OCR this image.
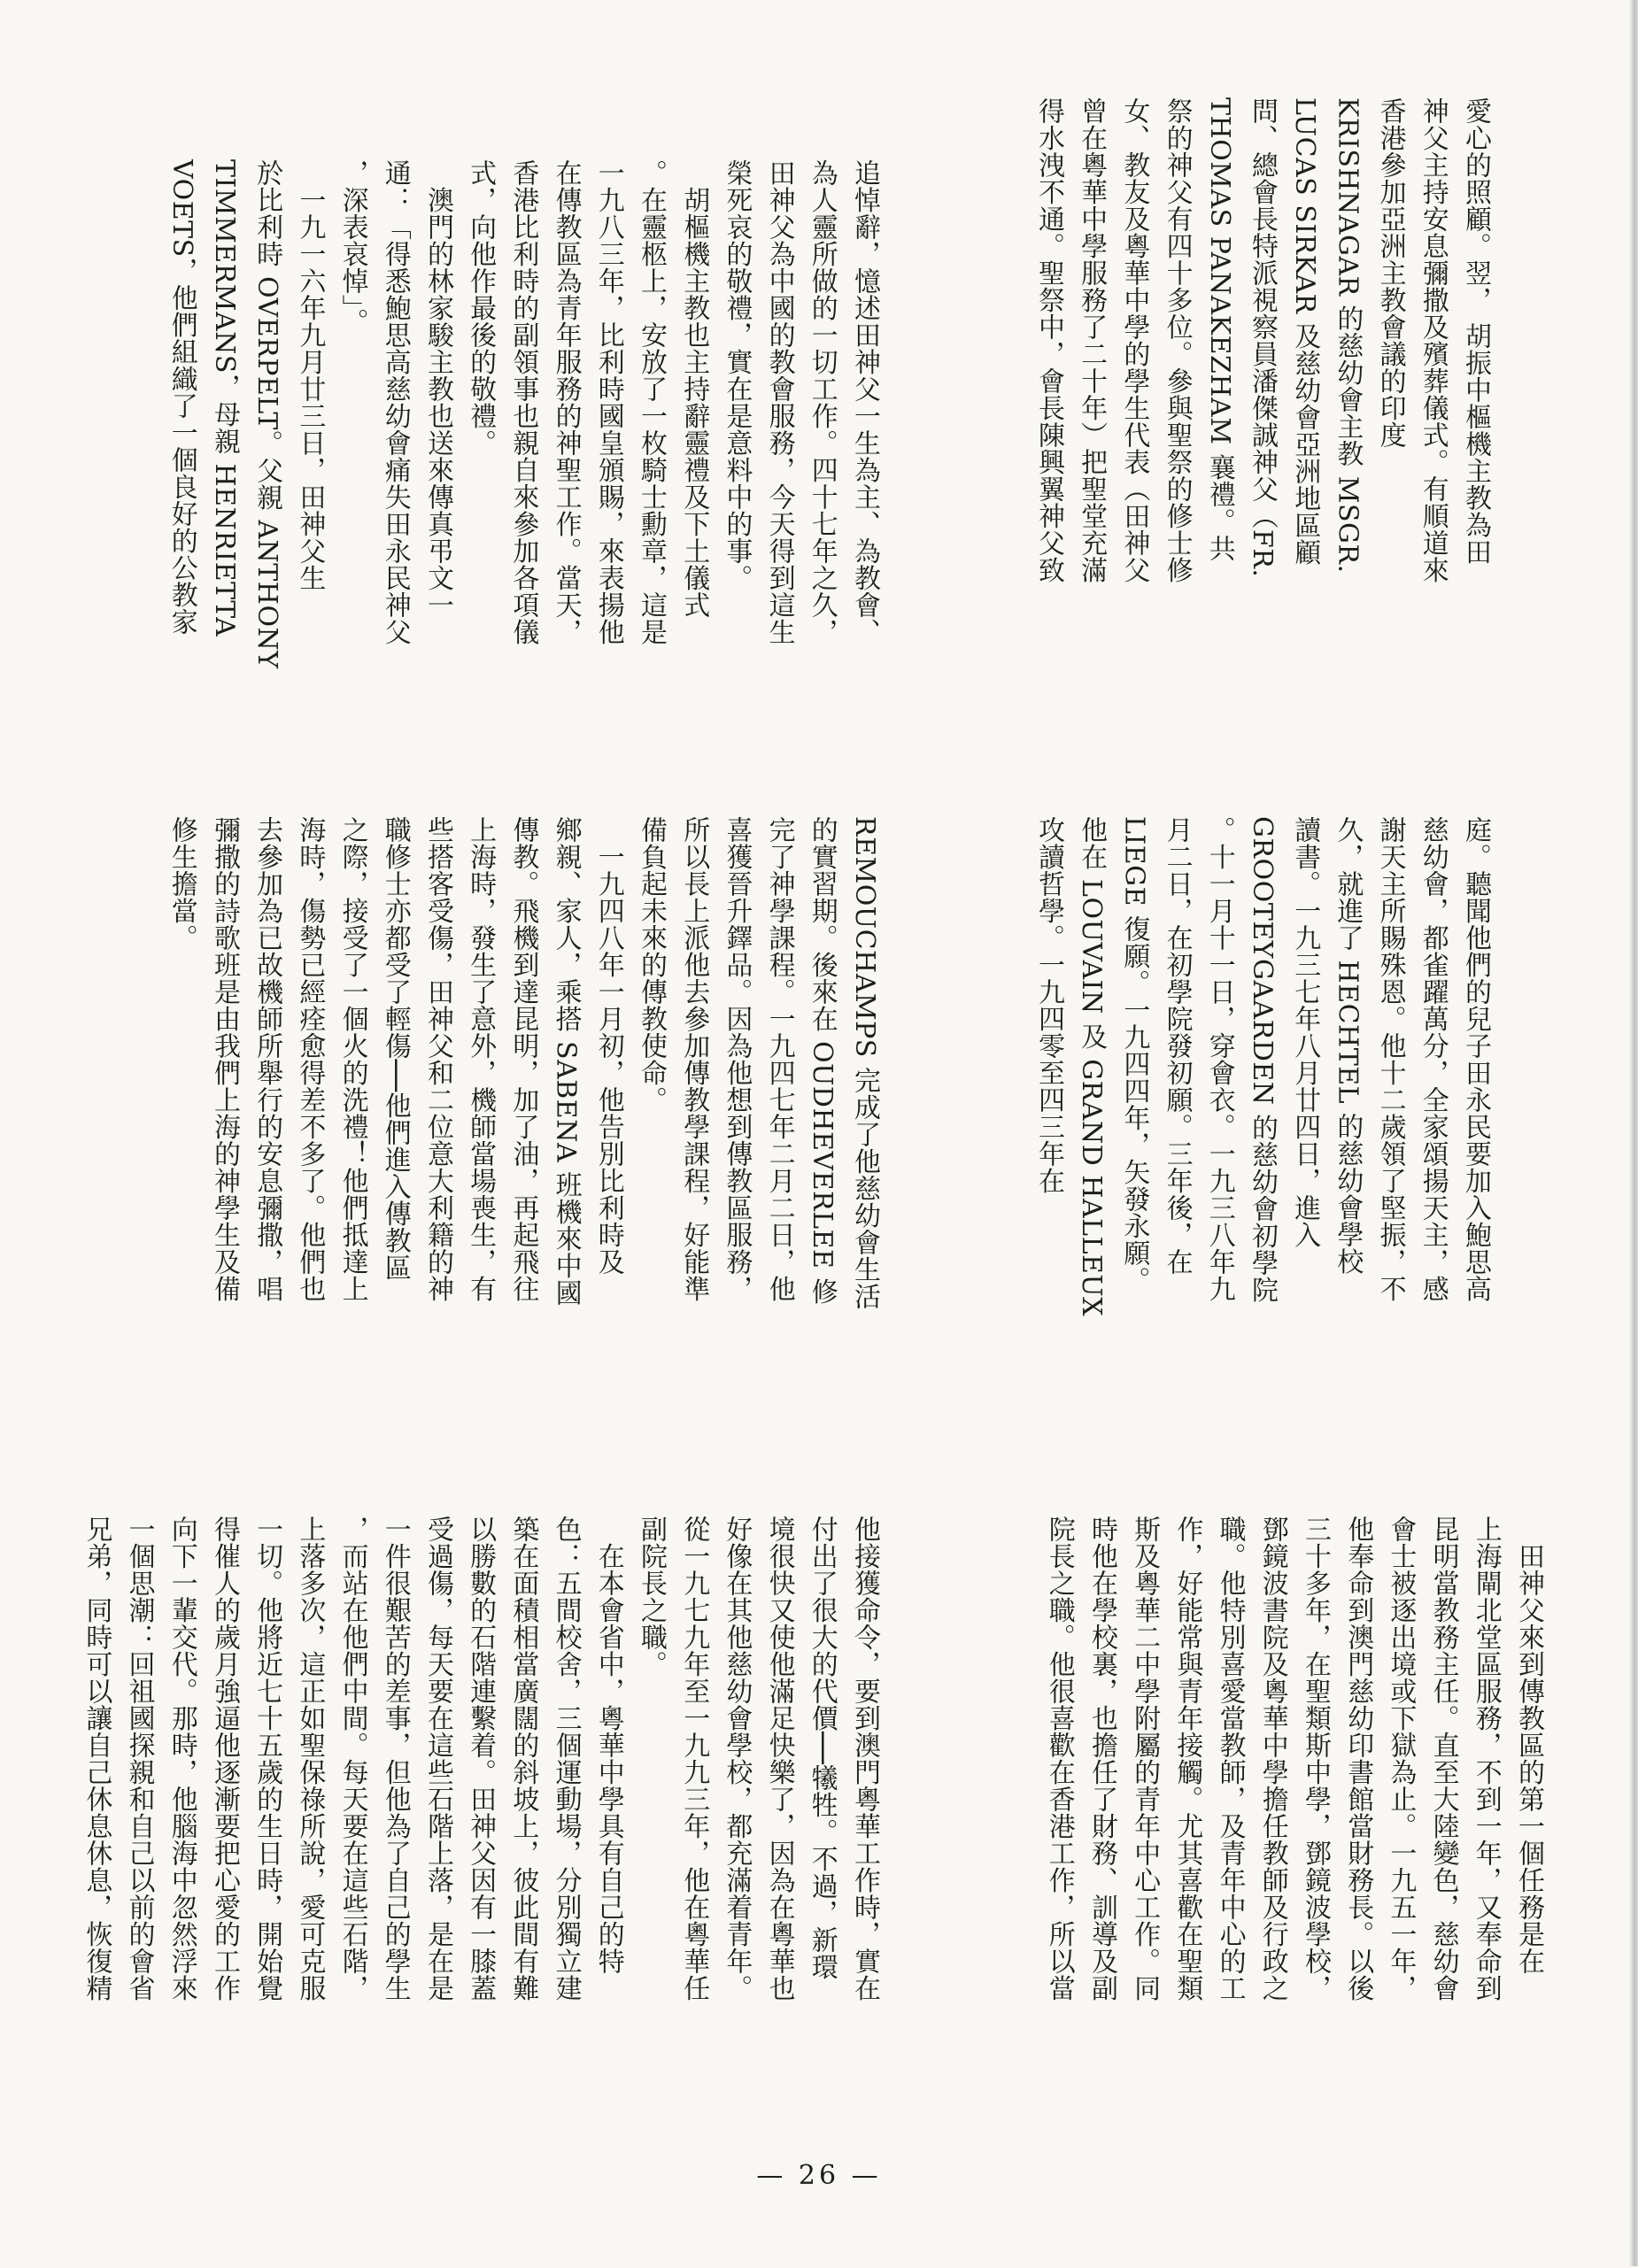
愛心的照顧。翌， 胡振中樞機主教為田
神父主持安息彌撒及殯葬儀式。有順道來
香港參加亞洲主教會議的印度
KRISHNAGAR 的慈幼會主教 MSGR.
LUCAS SIRKAR 及慈幼會亞洲地區顧
問、總會長特派視察員潘傑誠神父（FR.
THOMAS PANAKEZHAM 襄禮。共
祭的神父有四十多位。參與聖祭的修士修
女、教友及粵華中學的學生代表（田神父
曾在粵華中學服務了二十年）把聖堂充滿
得水洩不通。聖祭中，會長陳興翼神父致
追悼辭，憶述田神父一生為主、為教會、
為人靈所做的一切工作。四十七年之久，
田神父為中國的教會服務，今天得到這生
榮死哀的敬禮，實在是意料中的事。
　胡樞機主教也主持辭靈禮及下土儀式
。在靈柩上，安放了一枚騎士勳章，這是
一九八三年，比利時國皇頒賜，來表揚他
在傳教區為青年服務的神聖工作。當天，
香港比利時的副領事也親自來參加各項儀
式，向他作最後的敬禮。
　澳門的林家駿主教也送來傳真弔文一
通：「得悉鮑思高慈幼會痛失田永民神父
，深表哀悼」。
　一九一六年九月廿三日，田神父生
於比利時 OVERPELT。父親 ANTHONY
TIMMERMANS，母親 HENRIETTA
VOETS，他們組織了一個良好的公教家
庭。聽聞他們的兒子田永民要加入鮑思高
慈幼會，都雀躍萬分，全家頌揚天主，感
謝天主所賜殊恩。他十二歲領了堅振，不
久，就進了 HECHTEL 的慈幼會學校
讀書。一九三七年八月廿四日，進入
GROOTEYGAARDEN 的慈幼會初學院
。十一月十一日，穿會衣。一九三八年九
月二日，在初學院發初願。三年後，在
LIEGE 復願。一九四四年，矢發永願。
他在 LOUVAIN 及 GRAND HALLEUX
攻讀哲學。一九四零至四三年在
REMOUCHAMPS 完成了他慈幼會生活
的實習期。後來在 OUDHEVERLEE 修
完了神學課程。一九四七年二月二日，他
喜獲晉升鐸品。因為他想到傳教區服務，
所以長上派他去參加傳教學課程，好能準
備負起未來的傳教使命。
　一九四八年一月初，他告別比利時及
鄉親、家人，乘搭 SABENA 班機來中國
傳教。飛機到達昆明，加了油，再起飛往
上海時，發生了意外，機師當場喪生，有
些搭客受傷，田神父和二位意大利籍的神
職修士亦都受了輕傷──他們進入傳教區
之際，接受了一個火的洗禮！他們抵達上
海時，傷勢已經痊愈得差不多了。他們也
去參加為已故機師所舉行的安息彌撒，唱
彌撒的詩歌班是由我們上海的神學生及備
修生擔當。
　田神父來到傳教區的第一個任務是在
上海閘北堂區服務，不到一年，又奉命到
昆明當教務主任。直至大陸變色，慈幼會
會士被逐出境或下獄為止。一九五一年，
他奉命到澳門慈幼印書館當財務長。以後
三十多年，在聖類斯中學，鄧鏡波學校，
鄧鏡波書院及粵華中學擔任教師及行政之
職。他特別喜愛當教師，及青年中心的工
作，好能常與青年接觸。尤其喜歡在聖類
斯及粵華二中學附屬的青年中心工作。同
時他在學校裏，也擔任了財務、訓導及副
院長之職。他很喜歡在香港工作，所以當
他接獲命令，要到澳門粵華工作時，實在
付出了很大的代價──犧牲。不過，新環
境很快又使他滿足快樂了，因為在粵華也
好像在其他慈幼會學校，都充滿着青年。
從一九七九年至一九九三年，他在粵華任
副院長之職。
　在本會省中，粵華中學具有自己的特
色：五間校舍，三個運動場，分別獨立建
築在面積相當廣闊的斜坡上，彼此間有難
以勝數的石階連繫着。田神父因有一膝蓋
受過傷，每天要在這些石階上落，是在是
一件很艱苦的差事，但他為了自己的學生
，而站在他們中間。每天要在這些石階，
上落多次，這正如聖保祿所說，愛可克服
一切。他將近七十五歲的生日時，開始覺
得催人的歲月強逼他逐漸要把心愛的工作
向下一輩交代。那時，他腦海中忽然浮來
一個思潮：回祖國探親和自己以前的會省
兄弟，同時可以讓自己休息休息，恢復精
— 26 —
